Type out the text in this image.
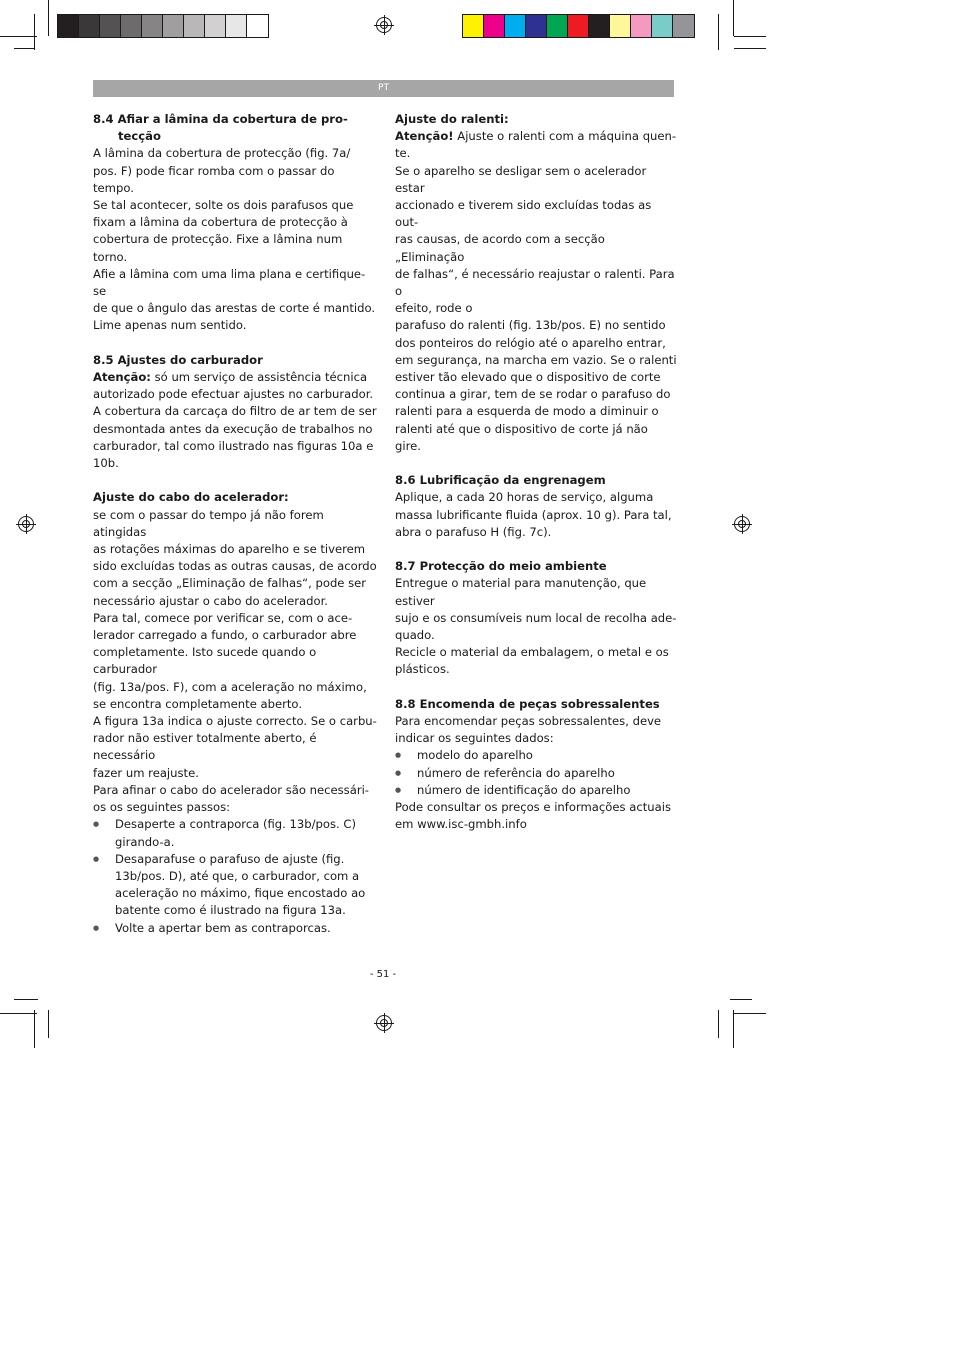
PT

8.4 Afiar a lâmina da cobertura de pro-

tecção

A lâmina da cobertura de protecção (fig. 7a/

pos. F) pode ficar romba com o passar do tempo.

Se tal acontecer, solte os dois parafusos que

fixam a lâmina da cobertura de protecção à

cobertura de protecção. Fixe a lâmina num torno.

Afie a lâmina com uma lima plana e certifique-se

de que o ângulo das arestas de corte é mantido.

Lime apenas num sentido.

8.5 Ajustes do carburador

Atenção: só um serviço de assistência técnica

autorizado pode efectuar ajustes no carburador.

A cobertura da carcaça do filtro de ar tem de ser

desmontada antes da execução de trabalhos no

carburador, tal como ilustrado nas figuras 10a e

10b.

Ajuste do cabo do acelerador:

se com o passar do tempo já não forem atingidas

as rotações máximas do aparelho e se tiverem

sido excluídas todas as outras causas, de acordo

com a secção „Eliminação de falhas“, pode ser

necessário ajustar o cabo do acelerador.

Para tal, comece por verificar se, com o ace-

lerador carregado a fundo, o carburador abre

completamente. Isto sucede quando o carburador

(fig. 13a/pos. F), com a aceleração no máximo,

se encontra completamente aberto.

A figura 13a indica o ajuste correcto. Se o carbu-

rador não estiver totalmente aberto, é necessário

fazer um reajuste.

Para afinar o cabo do acelerador são necessári-

os os seguintes passos:

● Desaperte a contraporca (fig. 13b/pos. C)

girando-a.

● Desaparafuse o parafuso de ajuste (fig.

13b/pos. D), até que, o carburador, com a

aceleração no máximo, fique encostado ao

batente como é ilustrado na figura 13a.

● Volte a apertar bem as contraporcas.

Ajuste do ralenti:

Atenção! Ajuste o ralenti com a máquina quen-

te.

Se o aparelho se desligar sem o acelerador estar

accionado e tiverem sido excluídas todas as out-

ras causas, de acordo com a secção „Eliminação

de falhas“, é necessário reajustar o ralenti. Para o

efeito, rode o

parafuso do ralenti (fig. 13b/pos. E) no sentido

dos ponteiros do relógio até o aparelho entrar,

em segurança, na marcha em vazio. Se o ralenti

estiver tão elevado que o dispositivo de corte

continua a girar, tem de se rodar o parafuso do

ralenti para a esquerda de modo a diminuir o

ralenti até que o dispositivo de corte já não gire.

8.6 Lubrificação da engrenagem

Aplique, a cada 20 horas de serviço, alguma

massa lubrificante fluida (aprox. 10 g). Para tal,

abra o parafuso H (fig. 7c).

8.7 Protecção do meio ambiente

Entregue o material para manutenção, que estiver

sujo e os consumíveis num local de recolha ade-

quado.

Recicle o material da embalagem, o metal e os

plásticos.

8.8 Encomenda de peças sobressalentes

Para encomendar peças sobressalentes, deve

indicar os seguintes dados:

● modelo do aparelho
● número de referência do aparelho
● número de identificação do aparelho

Pode consultar os preços e informações actuais

em www.isc-gmbh.info

- 51 -
